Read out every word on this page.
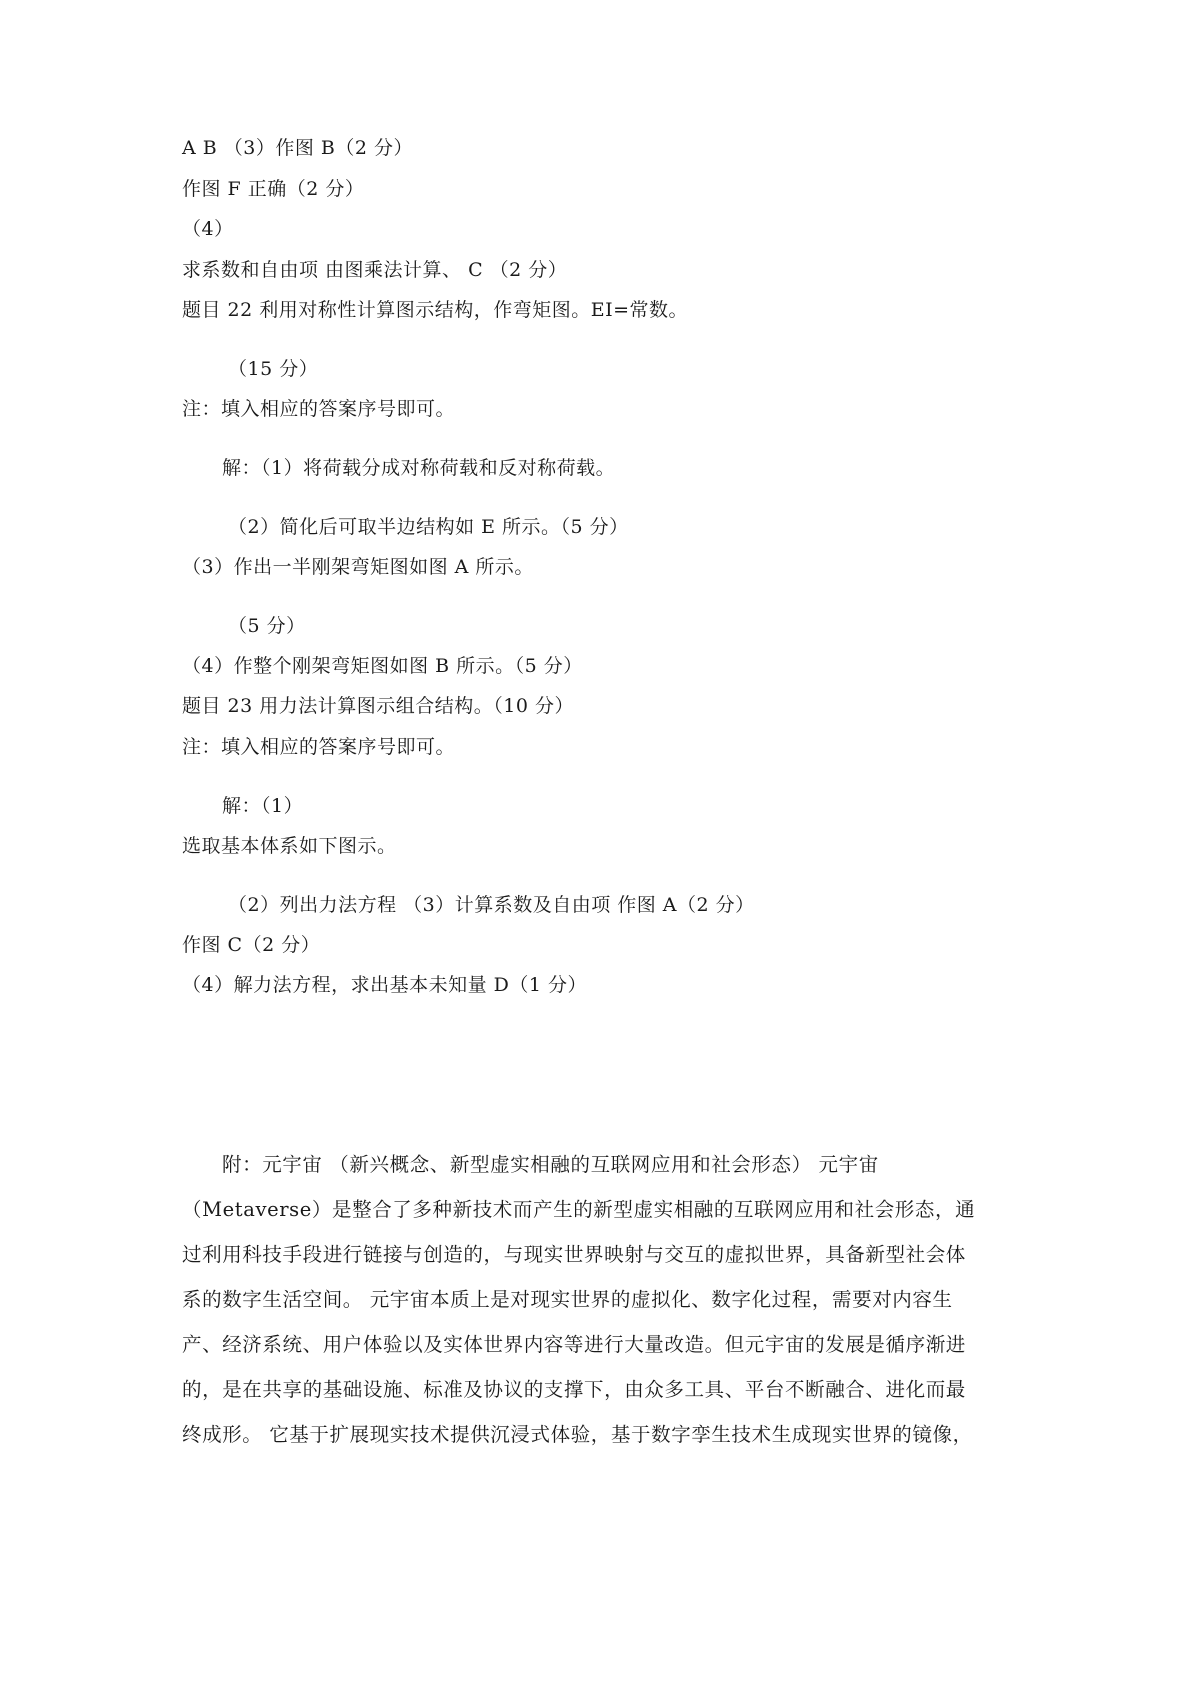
A B （3）作图 B（2 分）
作图 F 正确（2 分）
（4）
求系数和自由项 由图乘法计算、 C （2 分）
题目 22 利用对称性计算图示结构，作弯矩图。EI=常数。
（15 分）
注：填入相应的答案序号即可。
解：（1）将荷载分成对称荷载和反对称荷载。
（2）简化后可取半边结构如 E 所示。（5 分）
（3）作出一半刚架弯矩图如图 A 所示。
（5 分）
（4）作整个刚架弯矩图如图 B 所示。（5 分）
题目 23 用力法计算图示组合结构。（10 分）
注：填入相应的答案序号即可。
解：（1）
选取基本体系如下图示。
（2）列出力法方程 （3）计算系数及自由项 作图 A（2 分）
作图 C（2 分）
（4）解力法方程，求出基本未知量 D（1 分）
附：元宇宙 （新兴概念、新型虚实相融的互联网应用和社会形态） 元宇宙
（Metaverse）是整合了多种新技术而产生的新型虚实相融的互联网应用和社会形态，通
过利用科技手段进行链接与创造的，与现实世界映射与交互的虚拟世界，具备新型社会体
系的数字生活空间。 元宇宙本质上是对现实世界的虚拟化、数字化过程，需要对内容生
产、经济系统、用户体验以及实体世界内容等进行大量改造。但元宇宙的发展是循序渐进
的，是在共享的基础设施、标准及协议的支撑下，由众多工具、平台不断融合、进化而最
终成形。 它基于扩展现实技术提供沉浸式体验，基于数字孪生技术生成现实世界的镜像，
